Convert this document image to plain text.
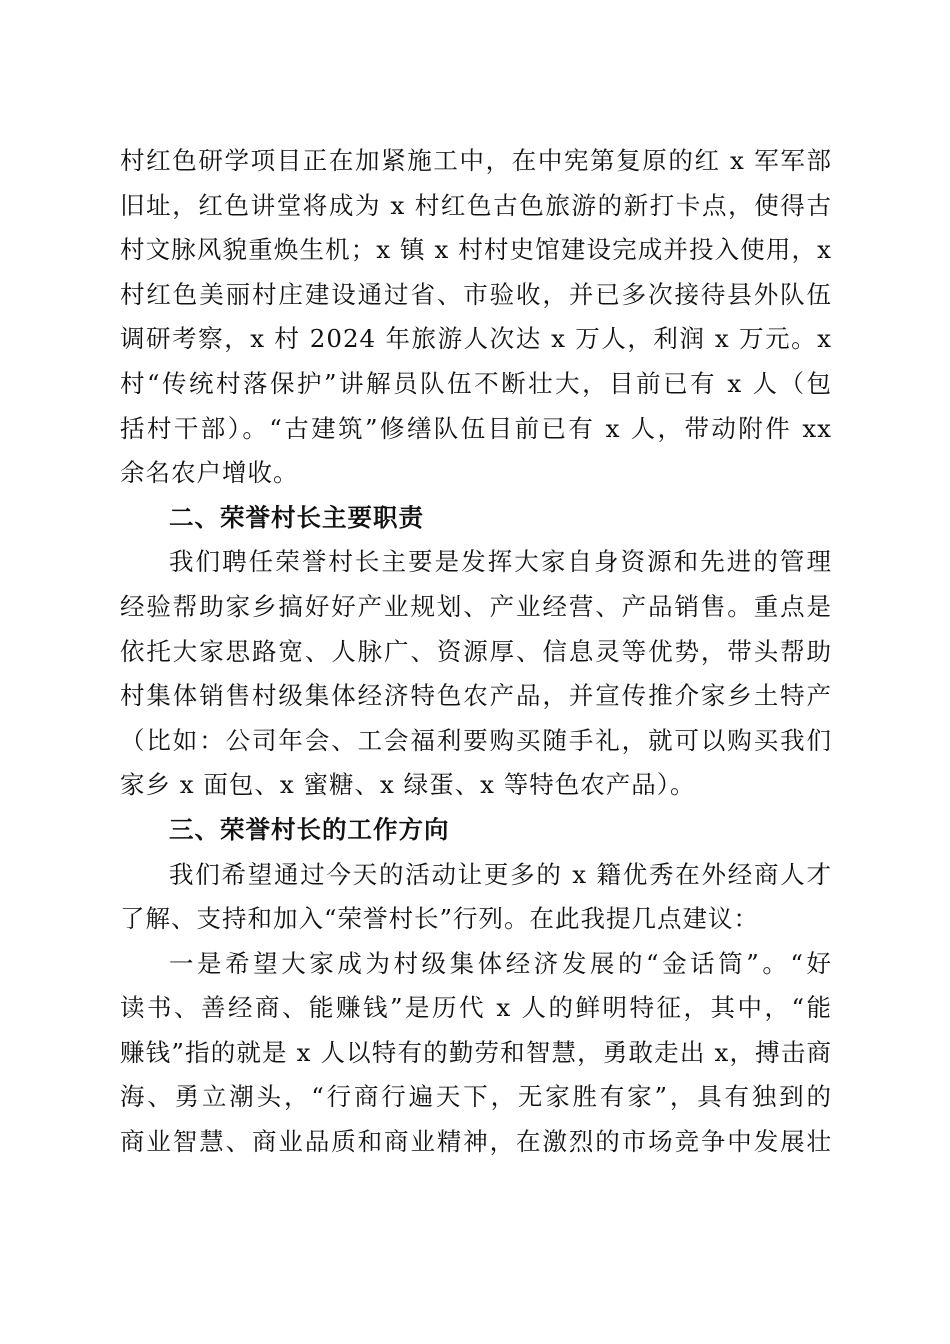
村红色研学项目正在加紧施工中，在中宪第复原的红 x 军军部
旧址，红色讲堂将成为 x 村红色古色旅游的新打卡点，使得古
村文脉风貌重焕生机；x 镇 x 村村史馆建设完成并投入使用，x
村红色美丽村庄建设通过省、市验收，并已多次接待县外队伍
调研考察，x 村 2024 年旅游人次达 x 万人，利润 x 万元。x
村“传统村落保护”讲解员队伍不断壮大，目前已有 x 人（包
括村干部）。“古建筑”修缮队伍目前已有 x 人，带动附件 xx
余名农户增收。
二、荣誉村长主要职责
我们聘任荣誉村长主要是发挥大家自身资源和先进的管理
经验帮助家乡搞好好产业规划、产业经营、产品销售。重点是
依托大家思路宽、人脉广、资源厚、信息灵等优势，带头帮助
村集体销售村级集体经济特色农产品，并宣传推介家乡土特产
（比如：公司年会、工会福利要购买随手礼，就可以购买我们
家乡 x 面包、x 蜜糖、x 绿蛋、x 等特色农产品）。
三、荣誉村长的工作方向
我们希望通过今天的活动让更多的 x 籍优秀在外经商人才
了解、支持和加入“荣誉村长”行列。在此我提几点建议：
一是希望大家成为村级集体经济发展的“金话筒”。“好
读书、善经商、能赚钱”是历代 x 人的鲜明特征，其中，“能
赚钱”指的就是 x 人以特有的勤劳和智慧，勇敢走出 x，搏击商
海、勇立潮头，“行商行遍天下，无家胜有家”，具有独到的
商业智慧、商业品质和商业精神，在激烈的市场竞争中发展壮
